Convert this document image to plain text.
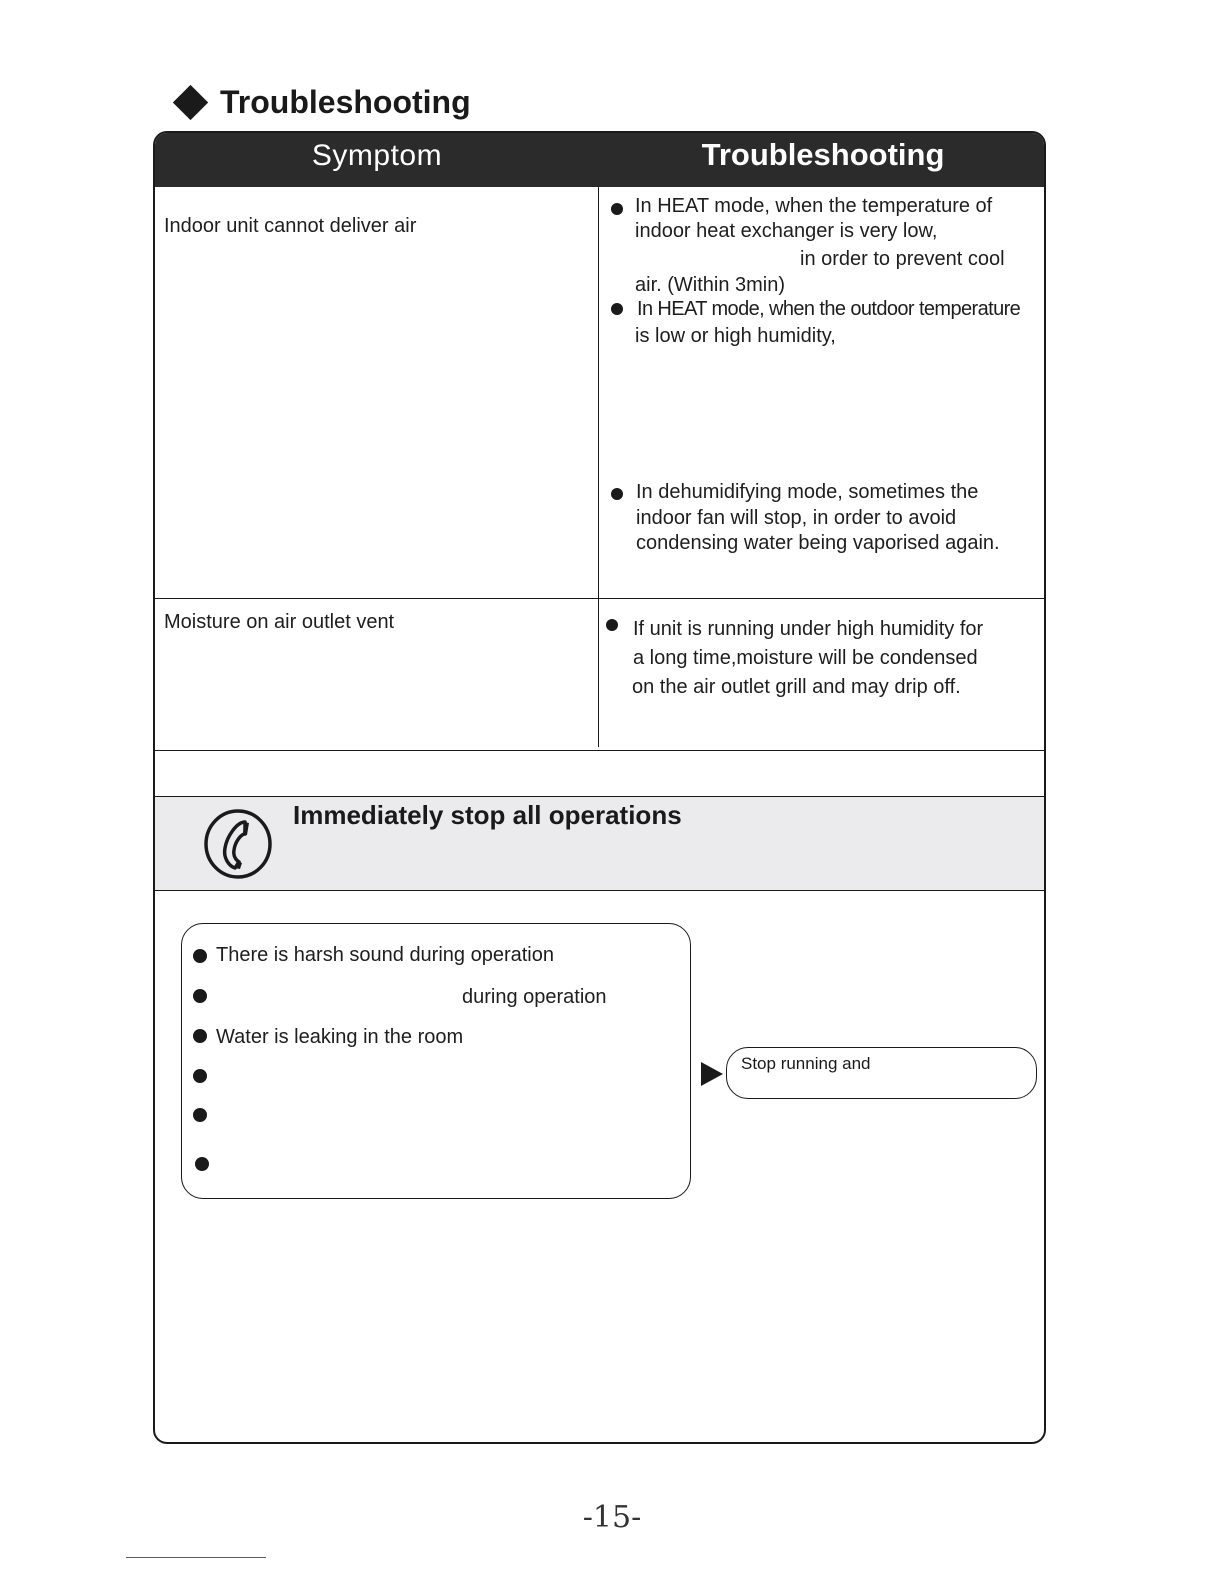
Troubleshooting
Symptom	Troubleshooting
Indoor unit cannot deliver air
In HEAT mode, when the temperature of
indoor heat exchanger is very low,
in order to prevent cool
air. (Within 3min)
In HEAT mode, when the outdoor temperature
is low or high humidity,
In dehumidifying mode, sometimes the
indoor fan will stop, in order to avoid
condensing water being vaporised again.
Moisture on air outlet vent	If unit is running under high humidity for
a long time,moisture will be condensed
on the air outlet grill and may drip off.
Immediately stop all operations
There is harsh sound during operation
during operation
Water is leaking in the room
Stop running and
-15-
